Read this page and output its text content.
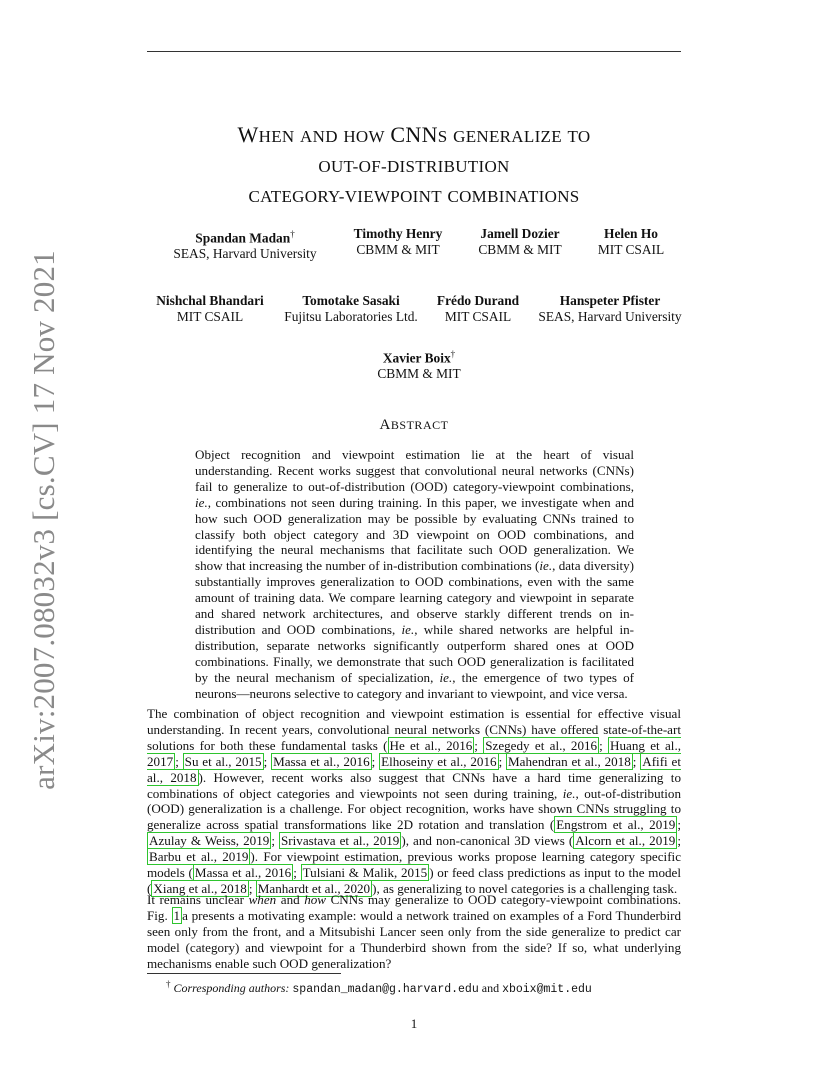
arXiv:2007.08032v3 [cs.CV] 17 Nov 2021
WHEN AND HOW CNNS GENERALIZE TO
OUT-OF-DISTRIBUTION
CATEGORY-VIEWPOINT COMBINATIONS
Spandan Madan†
SEAS, Harvard University
Timothy Henry
CBMM & MIT
Jamell Dozier
CBMM & MIT
Helen Ho
MIT CSAIL
Nishchal Bhandari
MIT CSAIL
Tomotake Sasaki
Fujitsu Laboratories Ltd.
Frédo Durand
MIT CSAIL
Hanspeter Pfister
SEAS, Harvard University
Xavier Boix†
CBMM & MIT
ABSTRACT
Object recognition and viewpoint estimation lie at the heart of visual understanding. Recent works suggest that convolutional neural networks (CNNs) fail to generalize to out-of-distribution (OOD) category-viewpoint combinations, ie., combinations not seen during training. In this paper, we investigate when and how such OOD generalization may be possible by evaluating CNNs trained to classify both object category and 3D viewpoint on OOD combinations, and identifying the neural mechanisms that facilitate such OOD generalization. We show that increasing the number of in-distribution combinations (ie., data diversity) substantially improves generalization to OOD combinations, even with the same amount of training data. We compare learning category and viewpoint in separate and shared network architectures, and observe starkly different trends on in-distribution and OOD combinations, ie., while shared networks are helpful in-distribution, separate networks significantly outperform shared ones at OOD combinations. Finally, we demonstrate that such OOD generalization is facilitated by the neural mechanism of specialization, ie., the emergence of two types of neurons—neurons selective to category and invariant to viewpoint, and vice versa.
The combination of object recognition and viewpoint estimation is essential for effective visual understanding. In recent years, convolutional neural networks (CNNs) have offered state-of-the-art solutions for both these fundamental tasks ( He et al., 2016 ; Szegedy et al., 2016 ; Huang et al., 2017 ; Su et al., 2015 ; Massa et al., 2016 ; Elhoseiny et al., 2016 ; Mahendran et al., 2018 ; Afifi et al., 2018 ). However, recent works also suggest that CNNs have a hard time generalizing to combinations of object categories and viewpoints not seen during training, ie., out-of-distribution (OOD) generalization is a challenge. For object recognition, works have shown CNNs struggling to generalize across spatial transformations like 2D rotation and translation ( Engstrom et al., 2019 ; Azulay & Weiss, 2019 ; Srivastava et al., 2019 ), and non-canonical 3D views ( Alcorn et al., 2019 ; Barbu et al., 2019 ). For viewpoint estimation, previous works propose learning category specific models ( Massa et al., 2016 ; Tulsiani & Malik, 2015 ) or feed class predictions as input to the model ( Xiang et al., 2018 ; Manhardt et al., 2020 ), as generalizing to novel categories is a challenging task.
It remains unclear when and how CNNs may generalize to OOD category-viewpoint combinations. Fig. 1 a presents a motivating example: would a network trained on examples of a Ford Thunderbird seen only from the front, and a Mitsubishi Lancer seen only from the side generalize to predict car model (category) and viewpoint for a Thunderbird shown from the side? If so, what underlying mechanisms enable such OOD generalization?
† Corresponding authors: spandan_madan@g.harvard.edu and xboix@mit.edu
1
